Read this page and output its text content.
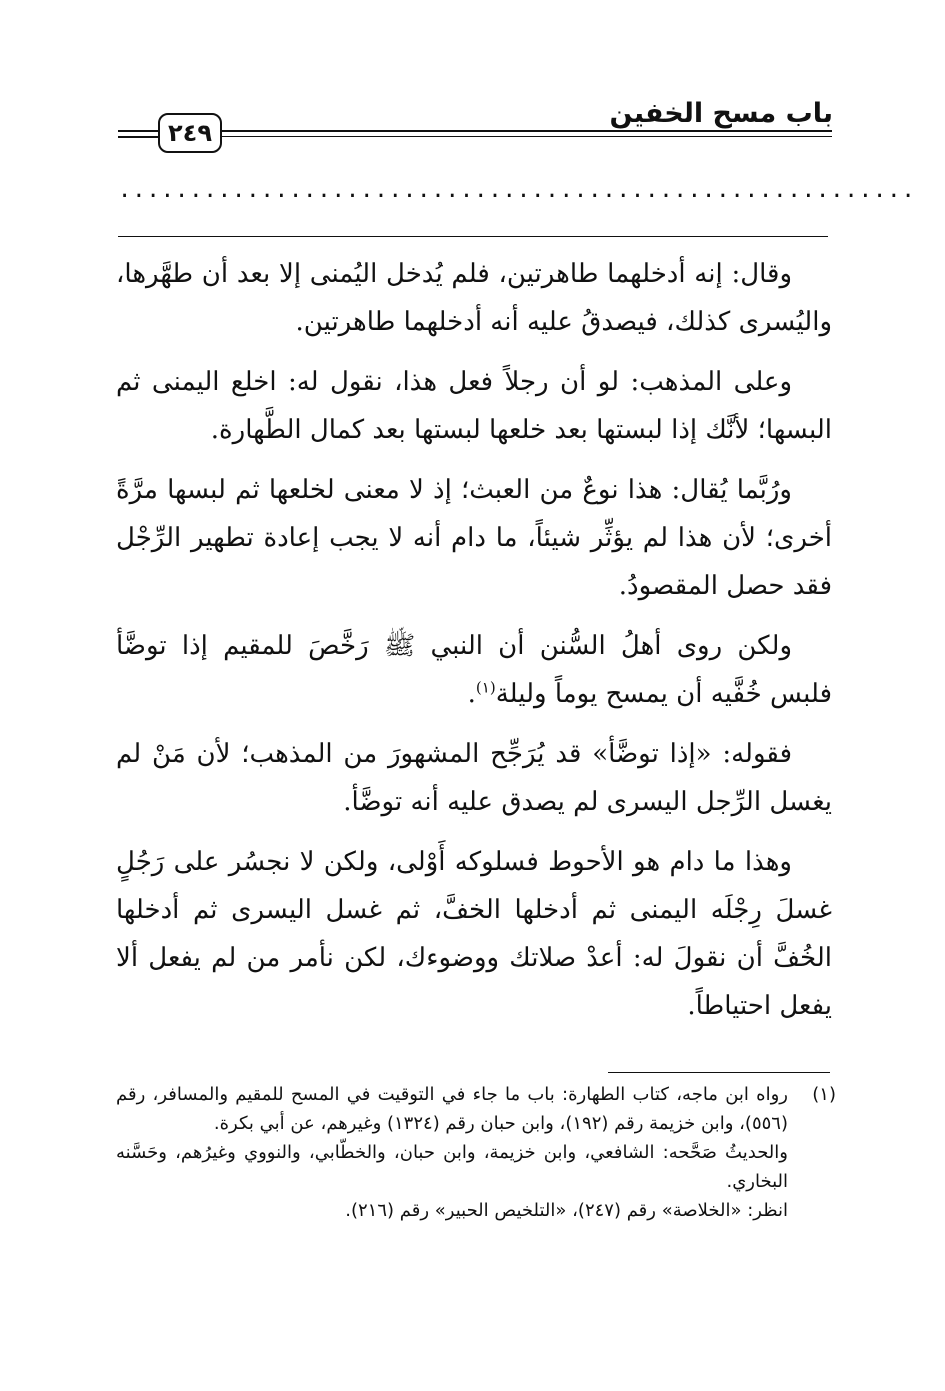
باب مسح الخفين
٢٤٩
........................................................

وقال: إنه أدخلهما طاهرتين، فلم يُدخل اليُمنى إلا بعد أن طهَّرها، واليُسرى كذلك، فيصدقُ عليه أنه أدخلهما طاهرتين.

وعلى المذهب: لو أن رجلاً فعل هذا، نقول له: اخلع اليمنى ثم البسها؛ لأنَّك إذا لبستها بعد خلعها لبستها بعد كمال الطَّهارة.

ورُبَّما يُقال: هذا نوعٌ من العبث؛ إذ لا معنى لخلعها ثم لبسها مرَّةً أخرى؛ لأن هذا لم يؤثِّر شيئاً، ما دام أنه لا يجب إعادة تطهير الرِّجْل فقد حصل المقصودُ.

ولكن روى أهلُ السُّنن أن النبي ﷺ رَخَّصَ للمقيم إذا توضَّأ فلبس خُفَّيه أن يمسح يوماً وليلة$^{(١)}$.

فقوله: «إذا توضَّأ» قد يُرَجِّح المشهورَ من المذهب؛ لأن مَنْ لم يغسل الرِّجل اليسرى لم يصدق عليه أنه توضَّأ.

وهذا ما دام هو الأحوط فسلوكه أَوْلى، ولكن لا نجسُر على رَجُلٍ غسلَ رِجْلَه اليمنى ثم أدخلها الخفَّ، ثم غسل اليسرى ثم أدخلها الخُفَّ أن نقولَ له: أعدْ صلاتك ووضوءك، لكن نأمر من لم يفعل ألا يفعل احتياطاً.

(١)

رواه ابن ماجه، كتاب الطهارة: باب ما جاء في التوقيت في المسح للمقيم والمسافر، رقم (٥٥٦)، وابن خزيمة رقم (١٩٢)، وابن حبان رقم (١٣٢٤) وغيرهم، عن أبي بكرة.

والحديثُ صَحَّحه: الشافعي، وابن خزيمة، وابن حبان، والخطّابي، والنووي وغيرُهم، وحَسَّنه البخاري.

انظر: «الخلاصة» رقم (٢٤٧)، «التلخيص الحبير» رقم (٢١٦).
